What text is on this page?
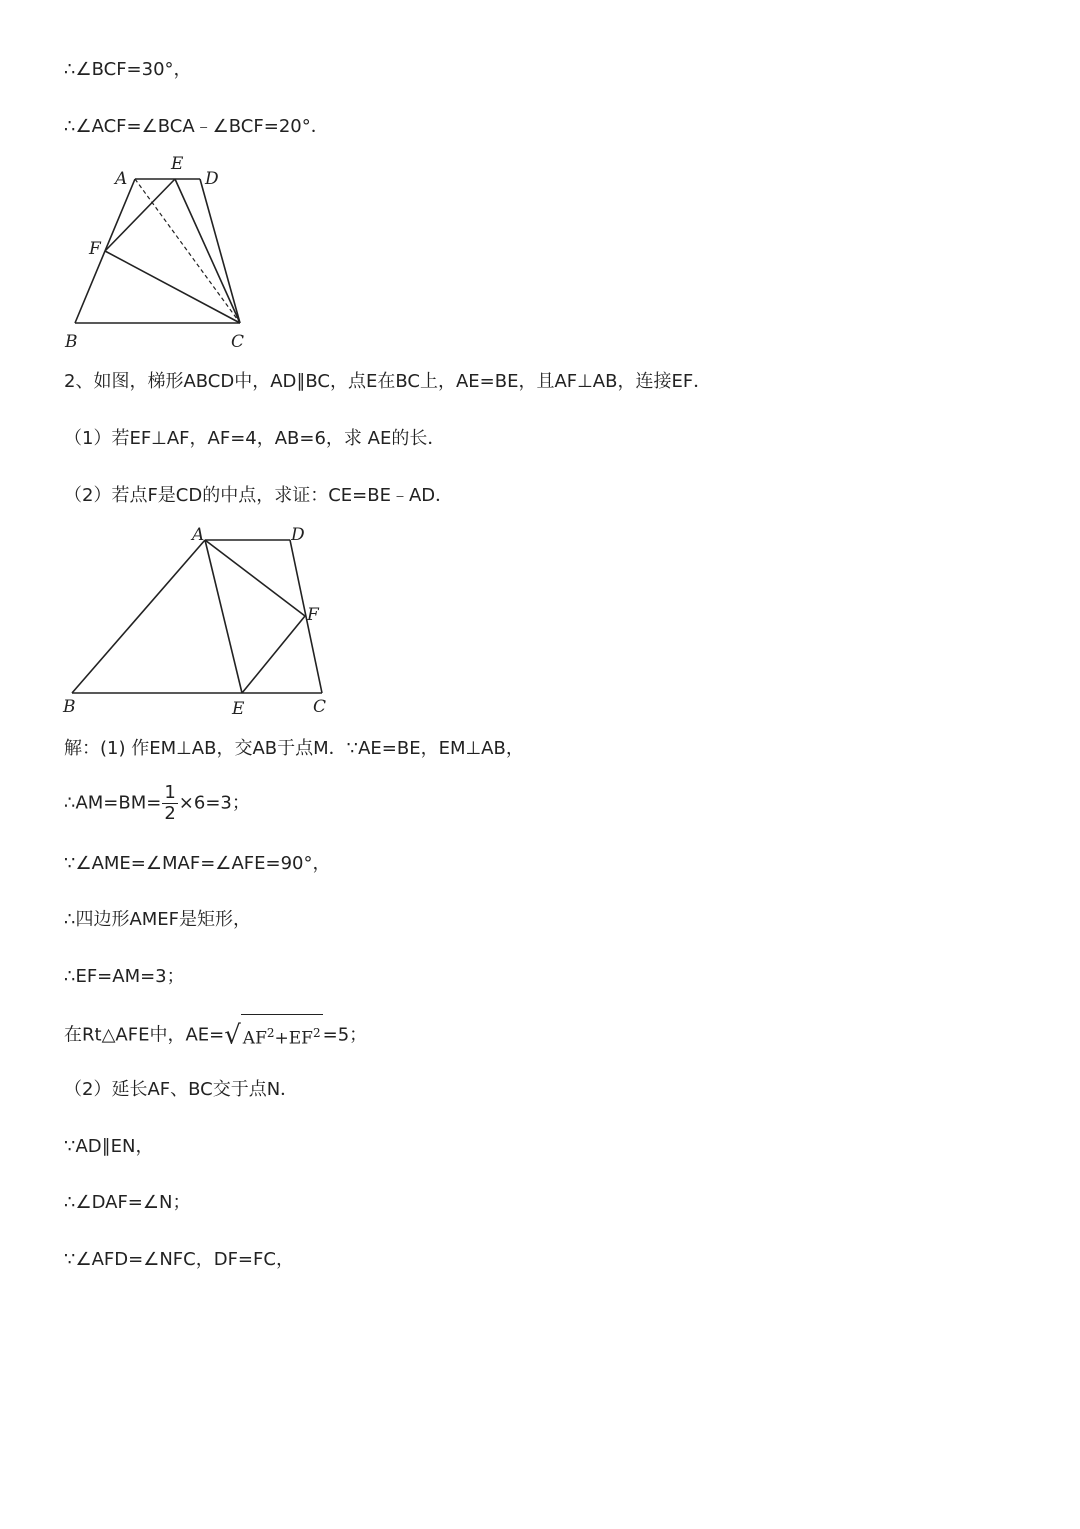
∴∠BCF=30°，
∴∠ACF=∠BCA﹣∠BCF=20°．
A
E
D
F
B	C
2、如图，梯形ABCD中，AD∥BC，点E在BC上，AE=BE，且AF⊥AB，连接EF．
（1）若EF⊥AF，AF=4，AB=6，求 AE的长．
（2）若点F是CD的中点，求证：CE=BE﹣AD．
A	D
F
B	E	C
解：(1) 作EM⊥AB，交AB于点M．∵AE=BE，EM⊥AB，
∴AM=BM= $\frac{1}{2} \times 6=3$；
∵∠AME=∠MAF=∠AFE=90°，
∴四边形AMEF是矩形，
∴EF=AM=3；
在Rt△AFE中，AE=√ $AF^2+EF^2 =5$；
（2）延长AF、BC交于点N．
∵AD∥EN，
∴∠DAF=∠N；
∵∠AFD=∠NFC，DF=FC，
